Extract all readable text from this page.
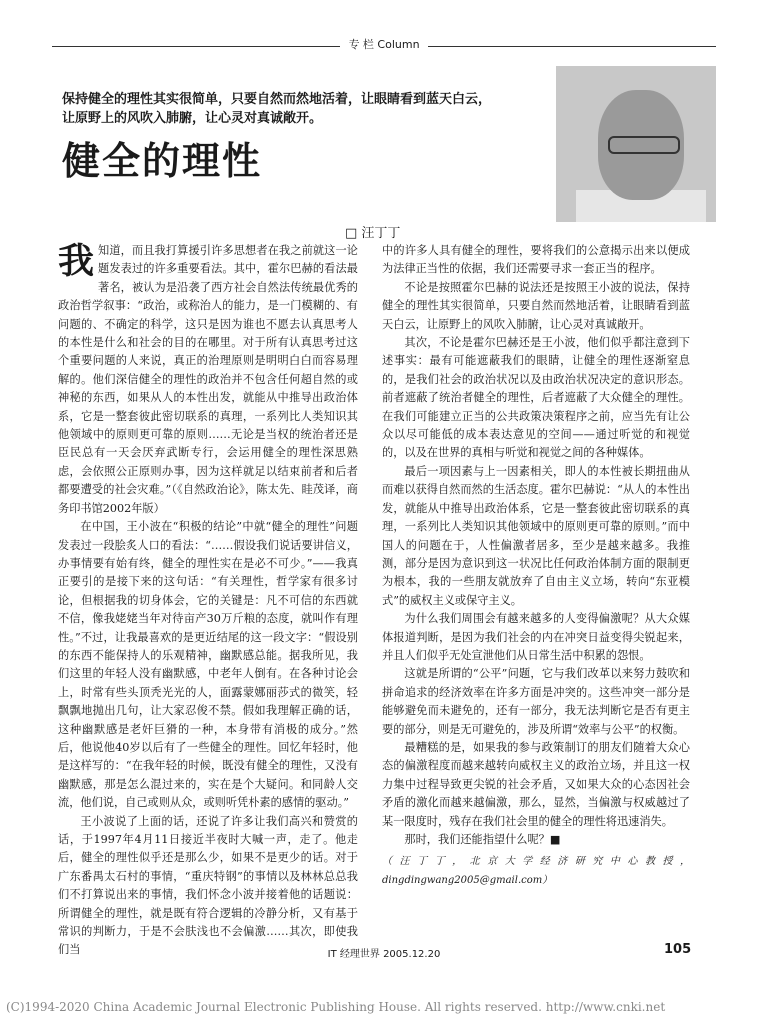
专 栏 Column
保持健全的理性其实很简单，只要自然而然地活着，让眼睛看到蓝天白云，让原野上的风吹入肺腑，让心灵对真诚敞开。
健全的理性
□ 汪丁丁

我知道，而且我打算援引许多思想者在我之前就这一论题发表过的许多重要看法。其中，霍尔巴赫的看法最著名，被认为是沿袭了西方社会自然法传统最优秀的政治哲学叙事：“政治，或称治人的能力，是一门模糊的、有问题的、不确定的科学，这只是因为谁也不愿去认真思考人的本性是什么和社会的目的在哪里。对于所有认真思考过这个重要问题的人来说，真正的治理原则是明明白白而容易理解的。他们深信健全的理性的政治并不包含任何超自然的或神秘的东西，如果从人的本性出发，就能从中推导出政治体系，它是一整套彼此密切联系的真理，一系列比人类知识其他领域中的原则更可靠的原则……无论是当权的统治者还是臣民总有一天会厌弃武断专行，会运用健全的理性深思熟虑，会依照公正原则办事，因为这样就足以结束前者和后者都要遭受的社会灾难。”（《自然政治论》，陈太先、眭茂译，商务印书馆2002年版）

在中国，王小波在“积极的结论”中就“健全的理性”问题发表过一段脍炙人口的看法：“……假设我们说话要讲信义，办事情要有始有终，健全的理性实在是必不可少。”——我真正要引的是接下来的这句话：“有关理性，哲学家有很多讨论，但根据我的切身体会，它的关键是：凡不可信的东西就不信，像我姥姥当年对待亩产30万斤粮的态度，就叫作有理性。”不过，让我最喜欢的是更近结尾的这一段文字：“假设别的东西不能保持人的乐观精神，幽默感总能。据我所见，我们这里的年轻人没有幽默感，中老年人倒有。在各种讨论会上，时常有些头顶秃光光的人，面露蒙娜丽莎式的微笑，轻飘飘地抛出几句，让大家忍俊不禁。假如我理解正确的话，这种幽默感是老奸巨猾的一种，本身带有消极的成分。”然后，他说他40岁以后有了一些健全的理性。回忆年轻时，他是这样写的：“在我年轻的时候，既没有健全的理性，又没有幽默感，那是怎么混过来的，实在是个大疑问。和同龄人交流，他们说，自己或则从众，或则听凭朴素的感情的驱动。”

王小波说了上面的话，还说了许多让我们高兴和赞赏的话，于1997年4月11日接近半夜时大喊一声，走了。他走后，健全的理性似乎还是那么少，如果不是更少的话。对于广东番禺太石村的事情，“重庆特钢”的事情以及林林总总我们不打算说出来的事情，我们怀念小波并接着他的话题说：所谓健全的理性，就是既有符合逻辑的冷静分析，又有基于常识的判断力，于是不会肤浅也不会偏激……其次，即使我们当

中的许多人具有健全的理性，要将我们的公意揭示出来以便成为法律正当性的依据，我们还需要寻求一套正当的程序。

不论是按照霍尔巴赫的说法还是按照王小波的说法，保持健全的理性其实很简单，只要自然而然地活着，让眼睛看到蓝天白云，让原野上的风吹入肺腑，让心灵对真诚敞开。

其次，不论是霍尔巴赫还是王小波，他们似乎都注意到下述事实：最有可能遮蔽我们的眼睛，让健全的理性逐渐窒息的，是我们社会的政治状况以及由政治状况决定的意识形态。前者遮蔽了统治者健全的理性，后者遮蔽了大众健全的理性。在我们可能建立正当的公共政策决策程序之前，应当先有让公众以尽可能低的成本表达意见的空间——通过听觉的和视觉的，以及在世界的真相与听觉和视觉之间的各种媒体。

最后一项因素与上一因素相关，即人的本性被长期扭曲从而难以获得自然而然的生活态度。霍尔巴赫说：“从人的本性出发，就能从中推导出政治体系，它是一整套彼此密切联系的真理，一系列比人类知识其他领域中的原则更可靠的原则。”而中国人的问题在于，人性偏激者居多，至少是越来越多。我推测，部分是因为意识到这一状况比任何政治体制方面的限制更为根本，我的一些朋友就放弃了自由主义立场，转向“东亚模式”的威权主义或保守主义。

为什么我们周围会有越来越多的人变得偏激呢？从大众媒体报道判断，是因为我们社会的内在冲突日益变得尖锐起来，并且人们似乎无处宣泄他们从日常生活中积累的怨恨。

这就是所谓的“公平”问题，它与我们改革以来努力鼓吹和拼命追求的经济效率在许多方面是冲突的。这些冲突一部分是能够避免而未避免的，还有一部分，我无法判断它是否有更主要的部分，则是无可避免的，涉及所谓“效率与公平”的权衡。

最糟糕的是，如果我的参与政策制订的朋友们随着大众心态的偏激程度而越来越转向威权主义的政治立场，并且这一权力集中过程导致更尖锐的社会矛盾，又如果大众的心态因社会矛盾的激化而越来越偏激，那么，显然，当偏激与权威越过了某一限度时，残存在我们社会里的健全的理性将迅速消失。

那时，我们还能指望什么呢？■

（汪丁丁，北京大学经济研究中心教授，dingdingwang2005@gmail.com）
IT 经理世界 2005.12.20	105
(C)1994-2020 China Academic Journal Electronic Publishing House. All rights reserved. http://www.cnki.net
